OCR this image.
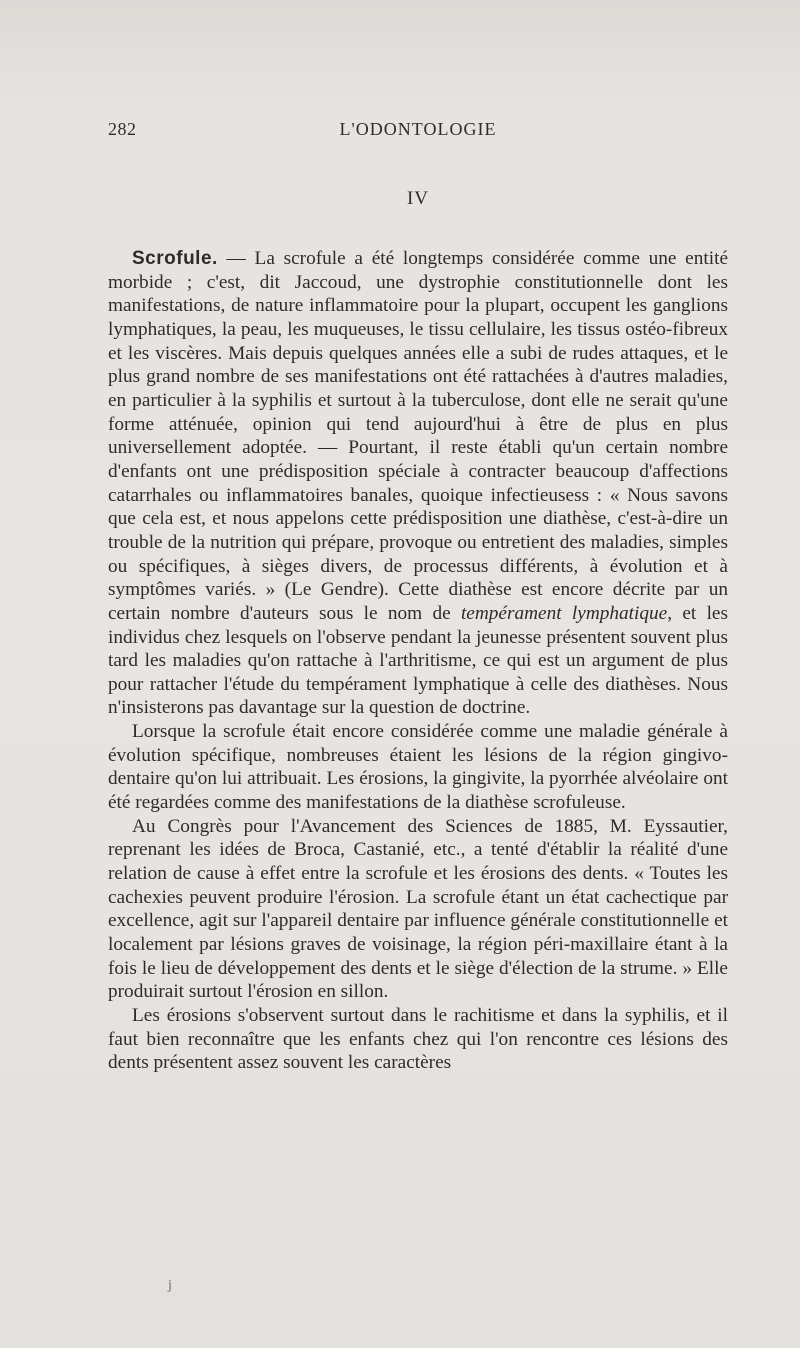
282	L'ODONTOLOGIE
IV

Scrofule. — La scrofule a été longtemps considérée comme une entité morbide ; c'est, dit Jaccoud, une dystrophie constitutionnelle dont les manifestations, de nature inflammatoire pour la plupart, occupent les ganglions lymphatiques, la peau, les muqueuses, le tissu cellulaire, les tissus ostéo-fibreux et les viscères. Mais depuis quelques années elle a subi de rudes attaques, et le plus grand nombre de ses manifestations ont été rattachées à d'autres maladies, en particulier à la syphilis et surtout à la tuberculose, dont elle ne serait qu'une forme atténuée, opinion qui tend aujourd'hui à être de plus en plus universellement adoptée. — Pourtant, il reste établi qu'un certain nombre d'enfants ont une prédisposition spéciale à contracter beaucoup d'affections catarrhales ou inflammatoires banales, quoique infectieusess : « Nous savons que cela est, et nous appelons cette prédisposition une diathèse, c'est-à-dire un trouble de la nutrition qui prépare, provoque ou entretient des maladies, simples ou spécifiques, à sièges divers, de processus différents, à évolution et à symptômes variés. » (Le Gendre). Cette diathèse est encore décrite par un certain nombre d'auteurs sous le nom de tempérament lymphatique, et les individus chez lesquels on l'observe pendant la jeunesse présentent souvent plus tard les maladies qu'on rattache à l'arthritisme, ce qui est un argument de plus pour rattacher l'étude du tempérament lymphatique à celle des diathèses. Nous n'insisterons pas davantage sur la question de doctrine.

Lorsque la scrofule était encore considérée comme une maladie générale à évolution spécifique, nombreuses étaient les lésions de la région gingivo-dentaire qu'on lui attribuait. Les érosions, la gingivite, la pyorrhée alvéolaire ont été regardées comme des manifestations de la diathèse scrofuleuse.

Au Congrès pour l'Avancement des Sciences de 1885, M. Eyssautier, reprenant les idées de Broca, Castanié, etc., a tenté d'établir la réalité d'une relation de cause à effet entre la scrofule et les érosions des dents. « Toutes les cachexies peuvent produire l'érosion. La scrofule étant un état cachectique par excellence, agit sur l'appareil dentaire par influence générale constitutionnelle et localement par lésions graves de voisinage, la région péri-maxillaire étant à la fois le lieu de développement des dents et le siège d'élection de la strume. » Elle produirait surtout l'érosion en sillon.

Les érosions s'observent surtout dans le rachitisme et dans la syphilis, et il faut bien reconnaître que les enfants chez qui l'on rencontre ces lésions des dents présentent assez souvent les caractères

j
